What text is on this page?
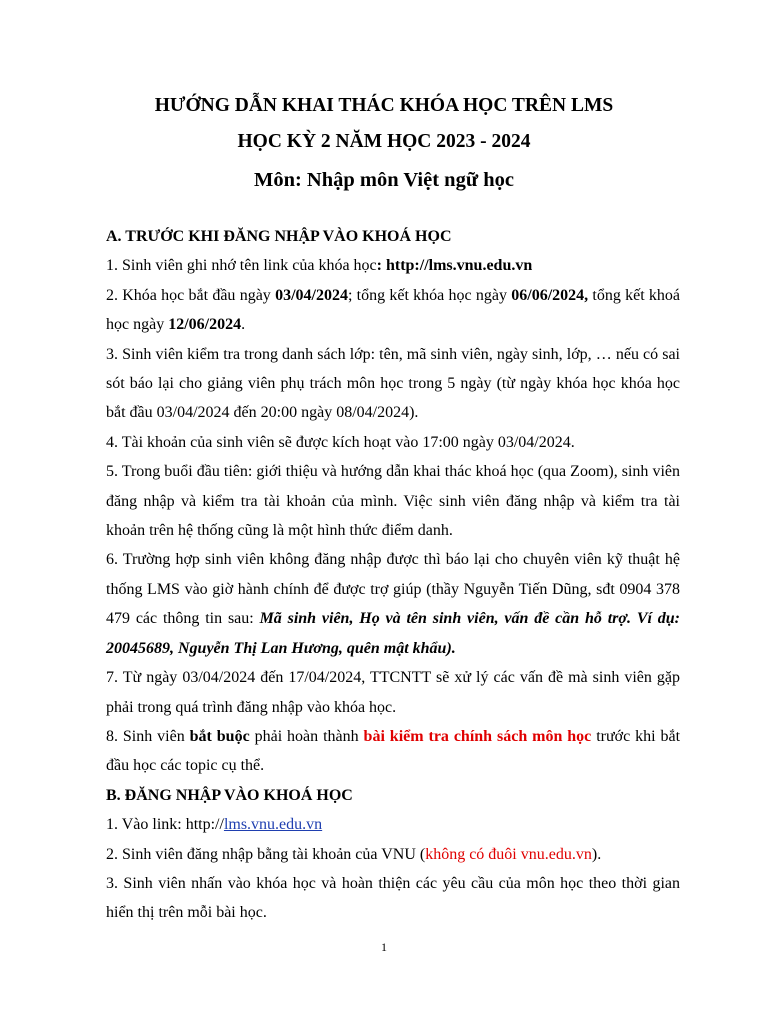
HƯỚNG DẪN KHAI THÁC KHÓA HỌC TRÊN LMS
HỌC KỲ 2 NĂM HỌC 2023 - 2024
Môn: Nhập môn Việt ngữ học

A. TRƯỚC KHI ĐĂNG NHẬP VÀO KHOÁ HỌC

1. Sinh viên ghi nhớ tên link của khóa học: http://lms.vnu.edu.vn

2. Khóa học bắt đầu ngày 03/04/2024; tổng kết khóa học ngày 06/06/2024, tổng kết khoá học ngày 12/06/2024.

3. Sinh viên kiểm tra trong danh sách lớp: tên, mã sinh viên, ngày sinh, lớp, … nếu có sai sót báo lại cho giảng viên phụ trách môn học trong 5 ngày (từ ngày khóa học khóa học bắt đầu 03/04/2024 đến 20:00 ngày 08/04/2024).

4. Tài khoản của sinh viên sẽ được kích hoạt vào 17:00 ngày 03/04/2024.

5. Trong buổi đầu tiên: giới thiệu và hướng dẫn khai thác khoá học (qua Zoom), sinh viên đăng nhập và kiểm tra tài khoản của mình. Việc sinh viên đăng nhập và kiểm tra tài khoản trên hệ thống cũng là một hình thức điểm danh.

6. Trường hợp sinh viên không đăng nhập được thì báo lại cho chuyên viên kỹ thuật hệ thống LMS vào giờ hành chính để được trợ giúp (thầy Nguyễn Tiến Dũng, sđt 0904 378 479 các thông tin sau: Mã sinh viên, Họ và tên sinh viên, vấn đề cần hỗ trợ. Ví dụ: 20045689, Nguyễn Thị Lan Hương, quên mật khẩu).

7. Từ ngày 03/04/2024 đến 17/04/2024, TTCNTT sẽ xử lý các vấn đề mà sinh viên gặp phải trong quá trình đăng nhập vào khóa học.

8. Sinh viên bắt buộc phải hoàn thành bài kiểm tra chính sách môn học trước khi bắt đầu học các topic cụ thể.

B. ĐĂNG NHẬP VÀO KHOÁ HỌC

1. Vào link: http://lms.vnu.edu.vn

2. Sinh viên đăng nhập bằng tài khoản của VNU (không có đuôi vnu.edu.vn).

3. Sinh viên nhấn vào khóa học và hoàn thiện các yêu cầu của môn học theo thời gian hiển thị trên mỗi bài học.

1
